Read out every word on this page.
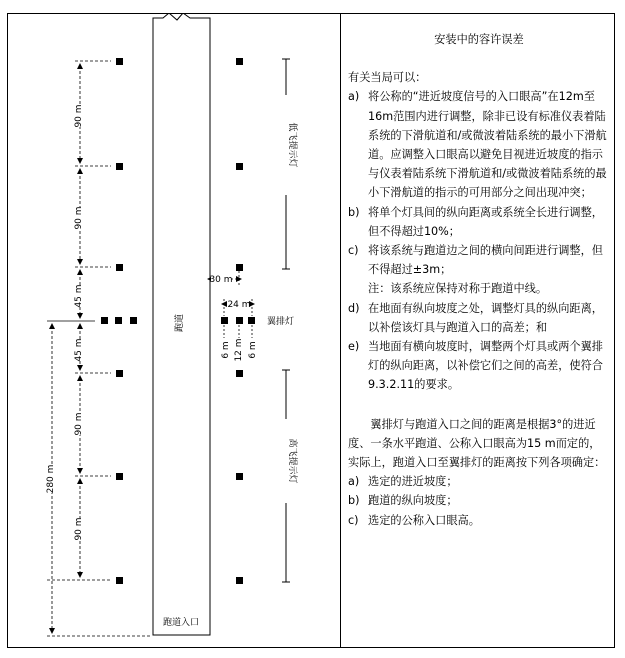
跑道
跑道入口
90 m
90 m
45 m
45 m
90 m
90 m
280 m
30 m
24 m
6 m 12 m 6 m
翼排灯
低飞提示灯
高飞提示灯

安装中的容许误差

有关当局可以：

a) 将公称的“进近坡度信号的入口眼高”在12m至16m范围内进行调整，除非已设有标准仪表着陆系统的下滑航道和/或微波着陆系统的最小下滑航道。应调整入口眼高以避免目视进近坡度的指示与仪表着陆系统下滑航道和/或微波着陆系统的最小下滑航道的指示的可用部分之间出现冲突；
b) 将单个灯具间的纵向距离或系统全长进行调整，但不得超过10%；
c) 将该系统与跑道边之间的横向间距进行调整，但不得超过±3m；

注：该系统应保持对称于跑道中线。

d) 在地面有纵向坡度之处，调整灯具的纵向距离，以补偿该灯具与跑道入口的高差；和
e) 当地面有横向坡度时，调整两个灯具或两个翼排灯的纵向距离，以补偿它们之间的高差，使符合9.3.2.11的要求。

翼排灯与跑道入口之间的距离是根据3°的进近度、一条水平跑道、公称入口眼高为15 m而定的，实际上，跑道入口至翼排灯的距离按下列各项确定：

a) 选定的进近坡度；
b) 跑道的纵向坡度；
c) 选定的公称入口眼高。
